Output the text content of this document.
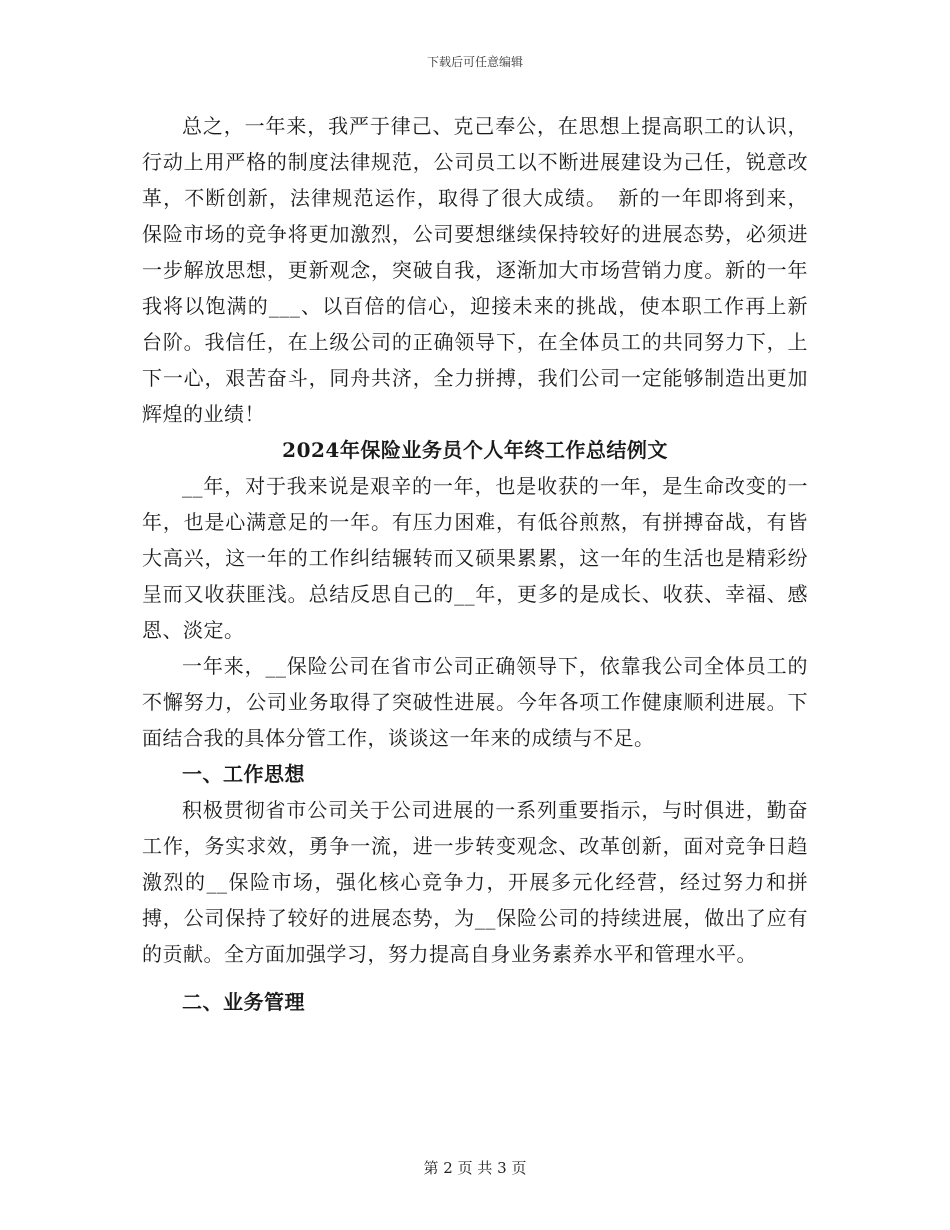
下载后可任意编辑

总之，一年来，我严于律己、克己奉公，在思想上提高职工的认识，行动上用严格的制度法律规范，公司员工以不断进展建设为己任，锐意改革，不断创新，法律规范运作，取得了很大成绩。　新的一年即将到来，保险市场的竞争将更加激烈，公司要想继续保持较好的进展态势，必须进一步解放思想，更新观念，突破自我，逐渐加大市场营销力度。新的一年我将以饱满的___、以百倍的信心，迎接未来的挑战，使本职工作再上新台阶。我信任，在上级公司的正确领导下，在全体员工的共同努力下，上下一心，艰苦奋斗，同舟共济，全力拼搏，我们公司一定能够制造出更加辉煌的业绩！

2024年保险业务员个人年终工作总结例文

__年，对于我来说是艰辛的一年，也是收获的一年，是生命改变的一年，也是心满意足的一年。有压力困难，有低谷煎熬，有拼搏奋战，有皆大高兴，这一年的工作纠结辗转而又硕果累累，这一年的生活也是精彩纷呈而又收获匪浅。总结反思自己的__年，更多的是成长、收获、幸福、感恩、淡定。

一年来，__保险公司在省市公司正确领导下，依靠我公司全体员工的不懈努力，公司业务取得了突破性进展。今年各项工作健康顺利进展。下面结合我的具体分管工作，谈谈这一年来的成绩与不足。

一、工作思想

积极贯彻省市公司关于公司进展的一系列重要指示，与时俱进，勤奋工作，务实求效，勇争一流，进一步转变观念、改革创新，面对竞争日趋激烈的__保险市场，强化核心竞争力，开展多元化经营，经过努力和拼搏，公司保持了较好的进展态势，为__保险公司的持续进展，做出了应有的贡献。全方面加强学习，努力提高自身业务素养水平和管理水平。

二、业务管理

第 2 页 共 3 页
